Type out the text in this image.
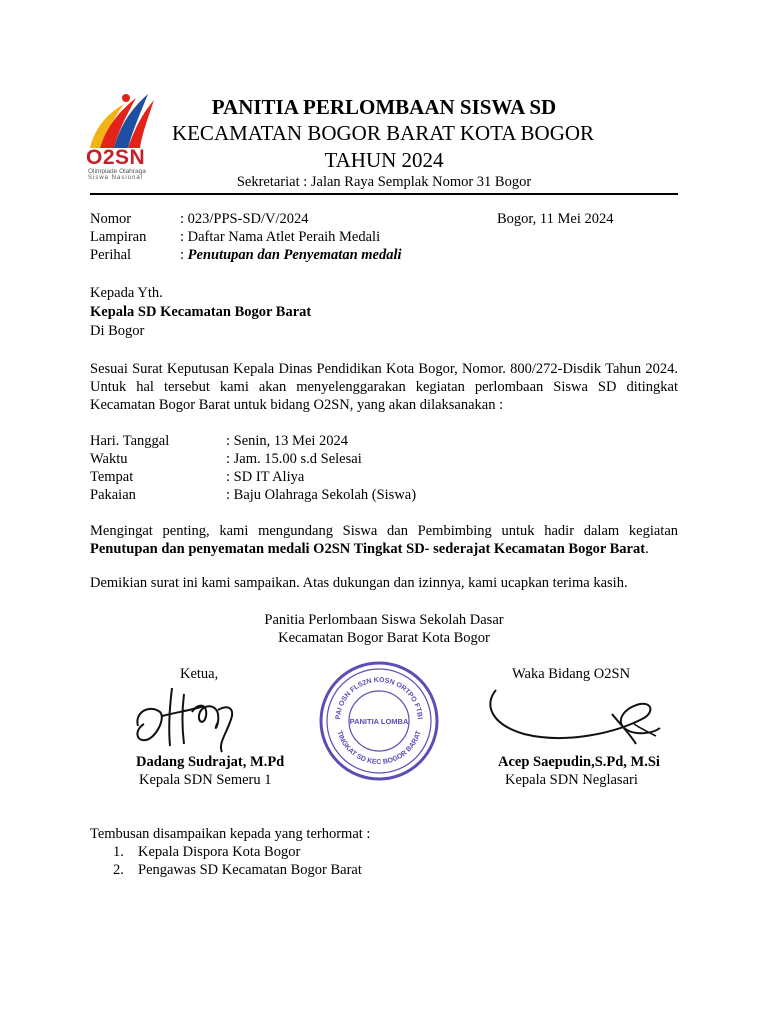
O2SN
Olimpiade Olahraga
Siswa Nasional
PANITIA PERLOMBAAN SISWA SD
KECAMATAN BOGOR BARAT KOTA BOGOR
TAHUN 2024
Sekretariat : Jalan Raya Semplak Nomor 31 Bogor
Nomor	: 023/PPS-SD/V/2024	Bogor, 11 Mei 2024
Lampiran : Daftar Nama Atlet Peraih Medali
Perihal	: Penutupan dan Penyematan medali
Kepada Yth.
Kepala SD Kecamatan Bogor Barat
Di Bogor
Sesuai Surat Keputusan Kepala Dinas Pendidikan Kota Bogor, Nomor. 800/272-Disdik Tahun 2024. Untuk hal tersebut kami akan menyelenggarakan kegiatan perlombaan Siswa SD ditingkat Kecamatan Bogor Barat untuk bidang O2SN, yang akan dilaksanakan :
Hari. Tanggal	: Senin, 13 Mei 2024
Waktu	: Jam. 15.00 s.d Selesai
Tempat	: SD IT Aliya
Pakaian	: Baju Olahraga Sekolah (Siswa)
Mengingat penting, kami mengundang Siswa dan Pembimbing untuk hadir dalam kegiatan Penutupan dan penyematan medali O2SN Tingkat SD- sederajat Kecamatan Bogor Barat.
Demikian surat ini kami sampaikan. Atas dukungan dan izinnya, kami ucapkan terima kasih.
Panitia Perlombaan Siswa Sekolah Dasar
Kecamatan Bogor Barat Kota Bogor
Ketua,
Dadang Sudrajat, M.Pd
Kepala SDN Semeru 1
PAI OSN FLS2N KOSN ORTPO FTBI
TINGKAT SD KEC BOGOR BARAT
PANITIA LOMBA
Waka Bidang O2SN
Acep Saepudin,S.Pd, M.Si
Kepala SDN Neglasari
Tembusan disampaikan kepada yang terhormat :
1. Kepala Dispora Kota Bogor
2. Pengawas SD Kecamatan Bogor Barat
